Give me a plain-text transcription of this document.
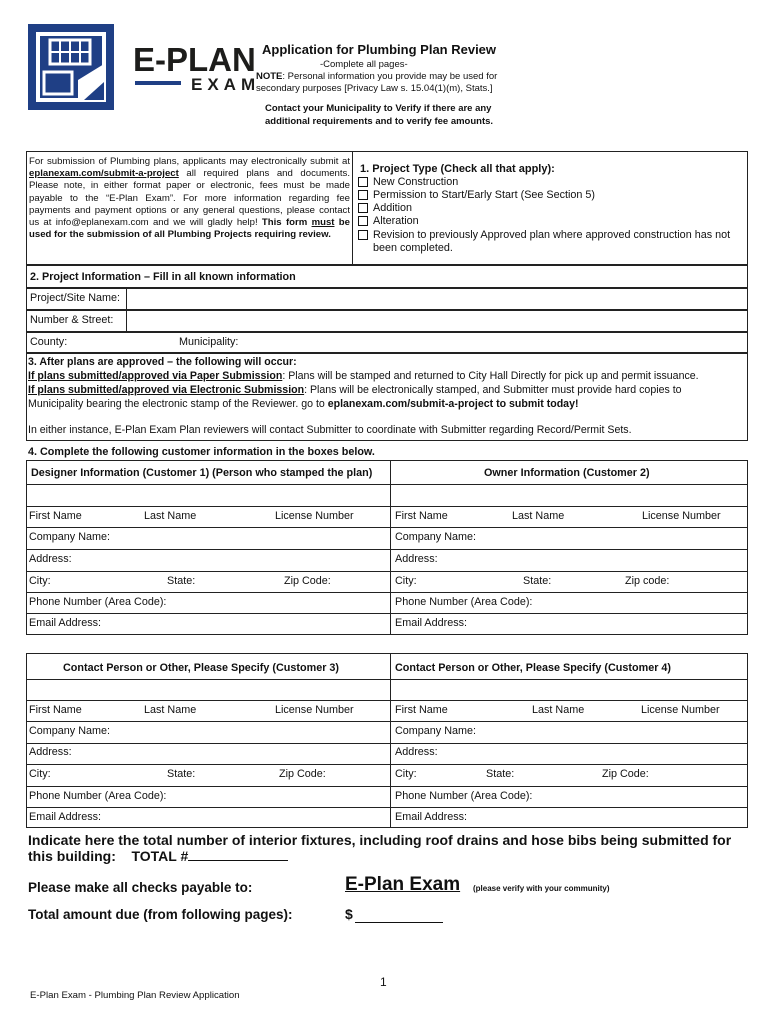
E-PLAN
EXAM
Application for Plumbing Plan Review
-Complete all pages-
NOTE: Personal information you provide may be used for secondary purposes [Privacy Law s. 15.04(1)(m), Stats.]
Contact your Municipality to Verify if there are any additional requirements and to verify fee amounts.
For submission of Plumbing plans, applicants may electronically submit at eplanexam.com/submit-a-project all required plans and documents. Please note, in either format paper or electronic, fees must be made payable to the “E-Plan Exam”. For more information regarding fee payments and payment options or any general questions, please contact us at info@eplanexam.com and we will gladly help! This form must be used for the submission of all Plumbing Projects requiring review.
1. Project Type (Check all that apply):
New Construction
Permission to Start/Early Start (See Section 5)
Addition
Alteration
Revision to previously Approved plan where approved construction has not been completed.
2. Project Information – Fill in all known information
Project/Site Name:
Number & Street:
County:	Municipality:
3. After plans are approved – the following will occur:
If plans submitted/approved via Paper Submission: Plans will be stamped and returned to City Hall Directly for pick up and permit issuance.
If plans submitted/approved via Electronic Submission: Plans will be electronically stamped, and Submitter must provide hard copies to
Municipality bearing the electronic stamp of the Reviewer. go to eplanexam.com/submit-a-project to submit today!
In either instance, E-Plan Exam Plan reviewers will contact Submitter to coordinate with Submitter regarding Record/Permit Sets.
4. Complete the following customer information in the boxes below.
Designer Information (Customer 1) (Person who stamped the plan)	Owner Information (Customer 2)
First Name	Last Name	License Number	First Name	Last Name	License Number
Company Name:	Company Name:
Address:	Address:
City:	State:	Zip Code:	City:	State:	Zip code:
Phone Number (Area Code):	Phone Number (Area Code):
Email Address:	Email Address:
Contact Person or Other, Please Specify (Customer 3)	Contact Person or Other, Please Specify (Customer 4)
First Name	Last Name	License Number	First Name	Last Name	License Number
Company Name:	Company Name:
Address:	Address:
City:	State:	Zip Code:	City:	State:	Zip Code:
Phone Number (Area Code):	Phone Number (Area Code):
Email Address:	Email Address:
Indicate here the total number of interior fixtures, including roof drains and hose bibs being submitted for this building: TOTAL #
Please make all checks payable to:	E-Plan Exam (please verify with your community)
Total amount due (from following pages):	$
1
E-Plan Exam - Plumbing Plan Review Application
